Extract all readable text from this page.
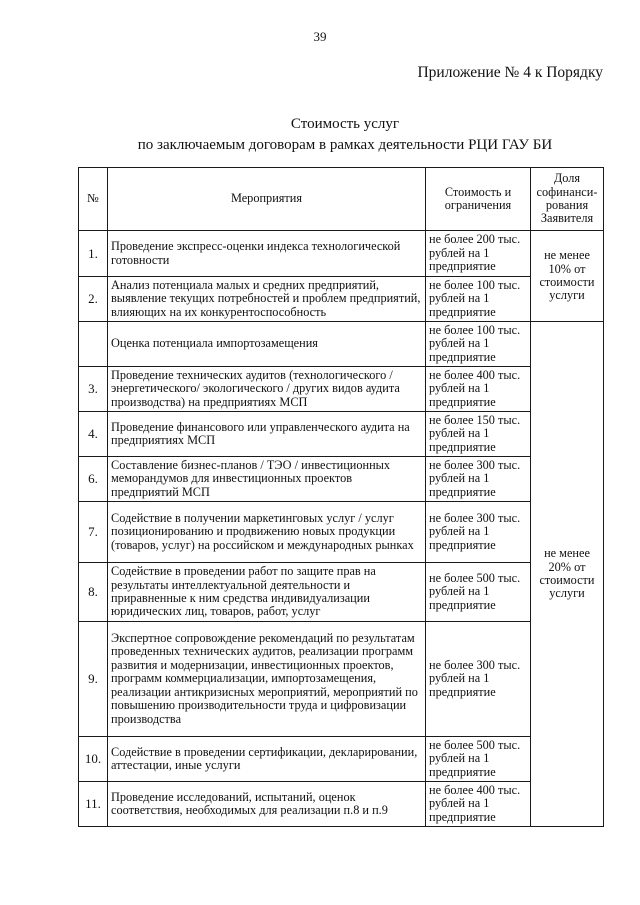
39
Приложение № 4 к Порядку
Стоимость услуг
по заключаемым договорам в рамках деятельности РЦИ ГАУ БИ
№	Мероприятия	Стоимость и ограничения	Доля софинанси-рования Заявителя
1.	Проведение экспресс-оценки индекса технологической готовности	не более 200 тыс. рублей на 1 предприятие	не менее 10% от стоимости услуги
2.	Анализ потенциала малых и средних предприятий, выявление текущих потребностей и проблем предприятий, влияющих на их конкурентоспособность	не более 100 тыс. рублей на 1 предприятие	
	Оценка потенциала импортозамещения	не более 100 тыс. рублей на 1 предприятие	не менее 20% от стоимости услуги
3.	Проведение технических аудитов (технологического / энергетического/ экологического / других видов аудита производства) на предприятиях МСП	не более 400 тыс. рублей на 1 предприятие	
4.	Проведение финансового или управленческого аудита на предприятиях МСП	не более 150 тыс. рублей на 1 предприятие	
6.	Составление бизнес-планов / ТЭО / инвестиционных меморандумов для инвестиционных проектов предприятий МСП	не более 300 тыс. рублей на 1 предприятие	
7.	Содействие в получении маркетинговых услуг / услуг позиционированию и продвижению новых продукции (товаров, услуг) на российском и международных рынках	не более 300 тыс. рублей на 1 предприятие	
8.	Содействие в проведении работ по защите прав на результаты интеллектуальной деятельности и приравненные к ним средства индивидуализации юридических лиц, товаров, работ, услуг	не более 500 тыс. рублей на 1 предприятие	
9.	Экспертное сопровождение рекомендаций по результатам проведенных технических аудитов, реализации программ развития и модернизации, инвестиционных проектов, программ коммерциализации, импортозамещения, реализации антикризисных мероприятий, мероприятий по повышению производительности труда и цифровизации производства	не более 300 тыс. рублей на 1 предприятие	
10.	Содействие в проведении сертификации, декларировании, аттестации, иные услуги	не более 500 тыс. рублей на 1 предприятие	
11.	Проведение исследований, испытаний, оценок соответствия, необходимых для реализации п.8 и п.9	не более 400 тыс. рублей на 1 предприятие	
